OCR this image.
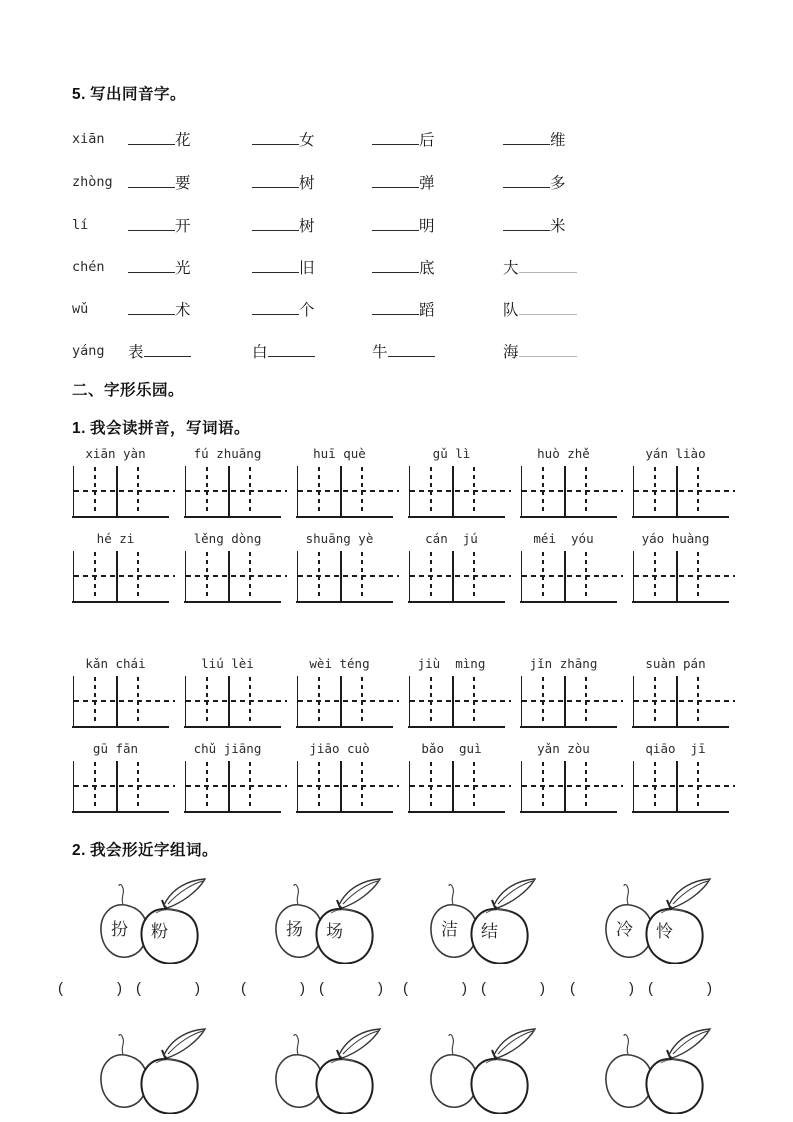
5. 写出同音字。
xiān	花	女	后	维
zhòng	要	树	弹	多
lí	开	树	明	米
chén	光	旧	底	大
wǔ	术	个	蹈	队
yáng 表	白	牛	海
二、字形乐园。
1. 我会读拼音，写词语。
xiān yàn	fú zhuāng	huī què	gǔ lì	huò zhě	yán liào
hé zi	lěng dòng	shuāng yè	cán  jú	méi  yóu	yáo huàng
kǎn chái	liú lèi	wèi téng	jiù  mìng	jǐn zhāng	suàn pán
gū fān	chǔ jiāng	jiāo cuò	bǎo  guì	yǎn zòu	qiāo  jī
2. 我会形近字组词。
扮 粉	扬 场	洁 结	冷 怜
(	) (	)	(	) (	) (	) (	) (	) (	)
